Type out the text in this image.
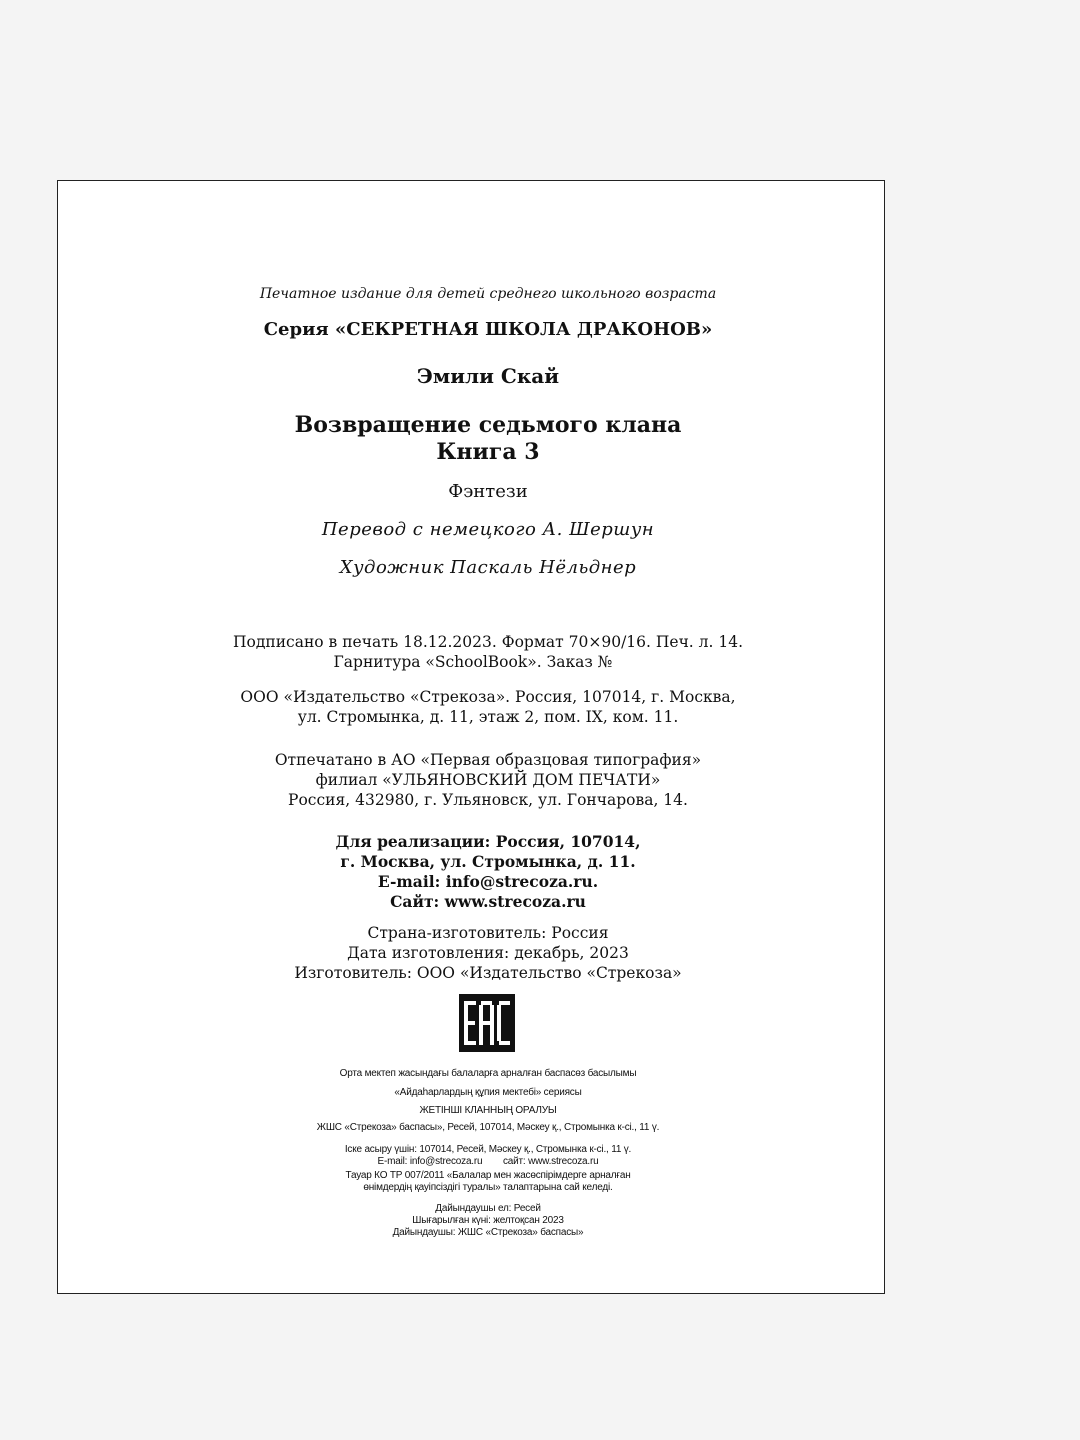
Печатное издание для детей среднего школьного возраста
Серия «СЕКРЕТНАЯ ШКОЛА ДРАКОНОВ»
Эмили Скай
Возвращение седьмого клана
Книга 3
Фэнтези
Перевод с немецкого А. Шершун
Художник Паскаль Нёльднер
Подписано в печать 18.12.2023. Формат 70×90/16. Печ. л. 14.
Гарнитура «SchoolBook». Заказ №
ООО «Издательство «Стрекоза». Россия, 107014, г. Москва,
ул. Стромынка, д. 11, этаж 2, пом. IX, ком. 11.
Отпечатано в АО «Первая образцовая типография»
филиал «УЛЬЯНОВСКИЙ ДОМ ПЕЧАТИ»
Россия, 432980, г. Ульяновск, ул. Гончарова, 14.
Для реализации: Россия, 107014,
г. Москва, ул. Стромынка, д. 11.
E-mail: info@strecoza.ru.
Сайт: www.strecoza.ru
Страна-изготовитель: Россия
Дата изготовления: декабрь, 2023
Изготовитель: ООО «Издательство «Стрекоза»
Орта мектеп жасындағы балаларға арналған баспасөз басылымы
«Айдаһарлардың құпия мектебі» сериясы
ЖЕТІНШІ КЛАННЫҢ ОРАЛУЫ
ЖШС «Стрекоза» баспасы», Ресей, 107014, Мәскеу қ., Стромынка к-сі., 11 ү.
Іске асыру үшін: 107014, Ресей, Мәскеу қ., Стромынка к-сі., 11 ү.
E-mail: info@strecoza.ru        сайт: www.strecoza.ru
Тауар КО ТР 007/2011 «Балалар мен жасөспірімдерге арналған
өнімдердің қауіпсіздігі туралы» талаптарына сай келеді.
Дайындаушы ел: Ресей
Шығарылған күні: желтоқсан 2023
Дайындаушы: ЖШС «Стрекоза» баспасы»
